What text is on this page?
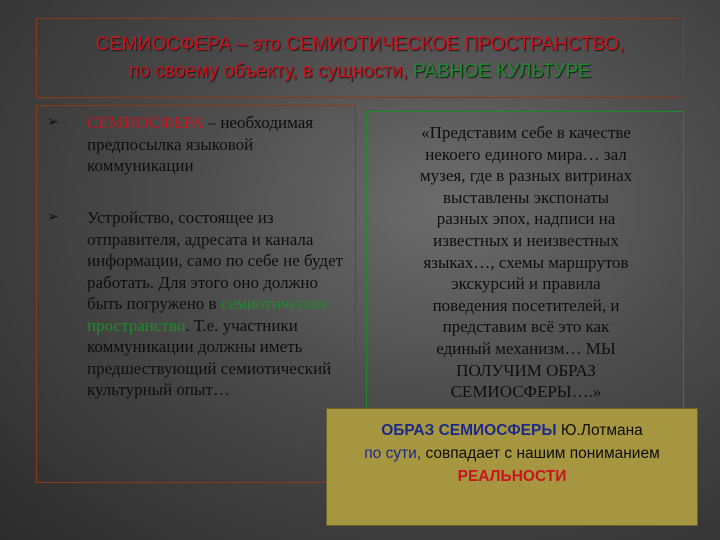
СЕМИОСФЕРА – это СЕМИОТИЧЕСКОЕ ПРОСТРАНСТВО,
по своему объекту, в сущности, РАВНОЕ КУЛЬТУРЕ
➢ СЕМИОСФЕРА – необходимая предпосылка языковой коммуникации
➢ Устройство, состоящее из отправителя, адресата и канала информации, само по себе не будет работать. Для этого оно должно быть погружено в семиотическое пространство. Т.е. участники коммуникации должны иметь предшествующий семиотический культурный опыт…
«Представим себе в качестве
некоего единого мира… зал
музея, где в разных витринах
выставлены экспонаты
разных эпох, надписи на
известных и неизвестных
языках…, схемы маршрутов
экскурсий и правила
поведения посетителей, и
представим всё это как
единый механизм… МЫ
ПОЛУЧИМ ОБРАЗ
СЕМИОСФЕРЫ….»
ОБРАЗ СЕМИОСФЕРЫ Ю.Лотмана
по сути, совпадает с нашим пониманием
РЕАЛЬНОСТИ
